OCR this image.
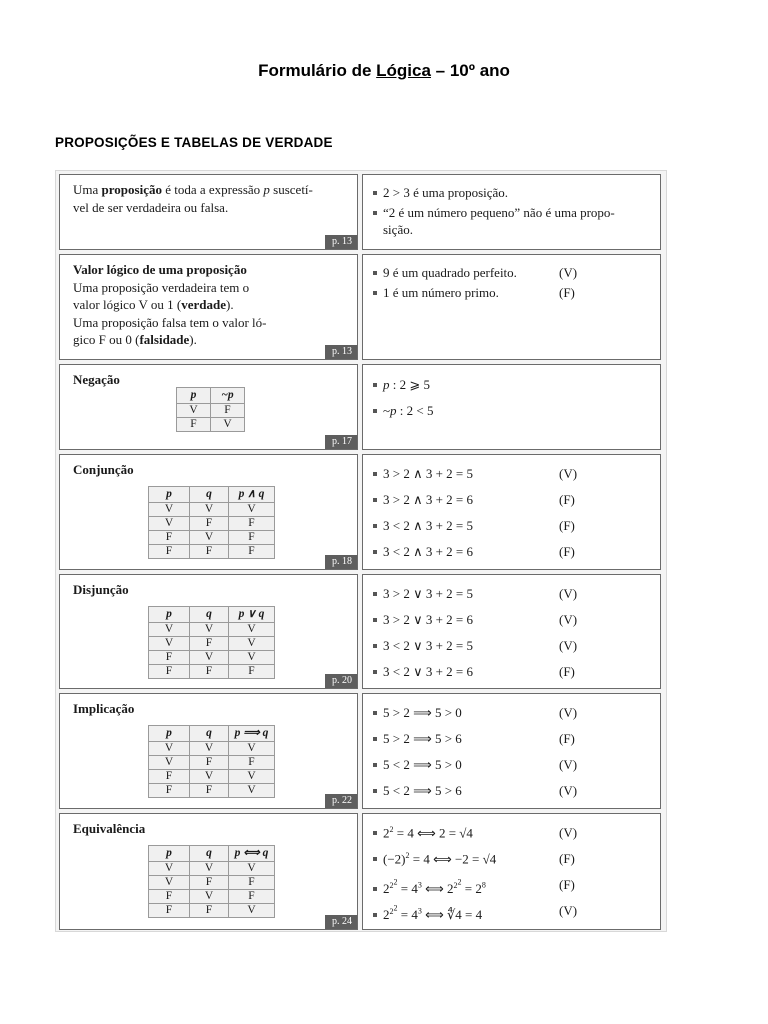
Formulário de Lógica – 10º ano
PROPOSIÇÕES E TABELAS DE VERDADE
Uma proposição é toda a expressão p suscetí-
vel de ser verdadeira ou falsa.
p. 13
2 > 3 é uma proposição.
“2 é um número pequeno” não é uma propo-
sição.
Valor lógico de uma proposição
Uma proposição verdadeira tem o
valor lógico V ou 1 (verdade).
Uma proposição falsa tem o valor ló-
gico F ou 0 (falsidade).
p. 13
9 é um quadrado perfeito.	(V)
1 é um número primo.	(F)
Negação
p	~p
V	F
F	V
p. 17
p : 2 ⩾ 5
~p : 2 < 5
Conjunção
p	q	p ∧ q
V	V	V
V	F	F
F	V	F
F	F	F
p. 18
3 > 2 ∧ 3 + 2 = 5	(V)
3 > 2 ∧ 3 + 2 = 6	(F)
3 < 2 ∧ 3 + 2 = 5	(F)
3 < 2 ∧ 3 + 2 = 6	(F)
Disjunção
p	q	p ∨ q
V	V	V
V	F	V
F	V	V
F	F	F
p. 20
3 > 2 ∨ 3 + 2 = 5	(V)
3 > 2 ∨ 3 + 2 = 6	(V)
3 < 2 ∨ 3 + 2 = 5	(V)
3 < 2 ∨ 3 + 2 = 6	(F)
Implicação
p	q	p ⟹ q
V	V	V
V	F	F
F	V	V
F	F	V
p. 22
5 > 2 ⟹ 5 > 0	(V)
5 > 2 ⟹ 5 > 6	(F)
5 < 2 ⟹ 5 > 0	(V)
5 < 2 ⟹ 5 > 6	(V)
Equivalência
p	q	p ⟺ q
V	V	V
V	F	F
F	V	F
F	F	V
p. 24
$2^2 = 4$ ⟺ 2 = √4	(V)
$(-2)^2 = 4$ ⟺ −2 = √4	(F)
$2^{2^2} = 4^3$ ⟺ $2^{2^2} = 2^8$	(F)
$2^{2^2} = 4^3$ ⟺ ∜4 = 4	(V)
